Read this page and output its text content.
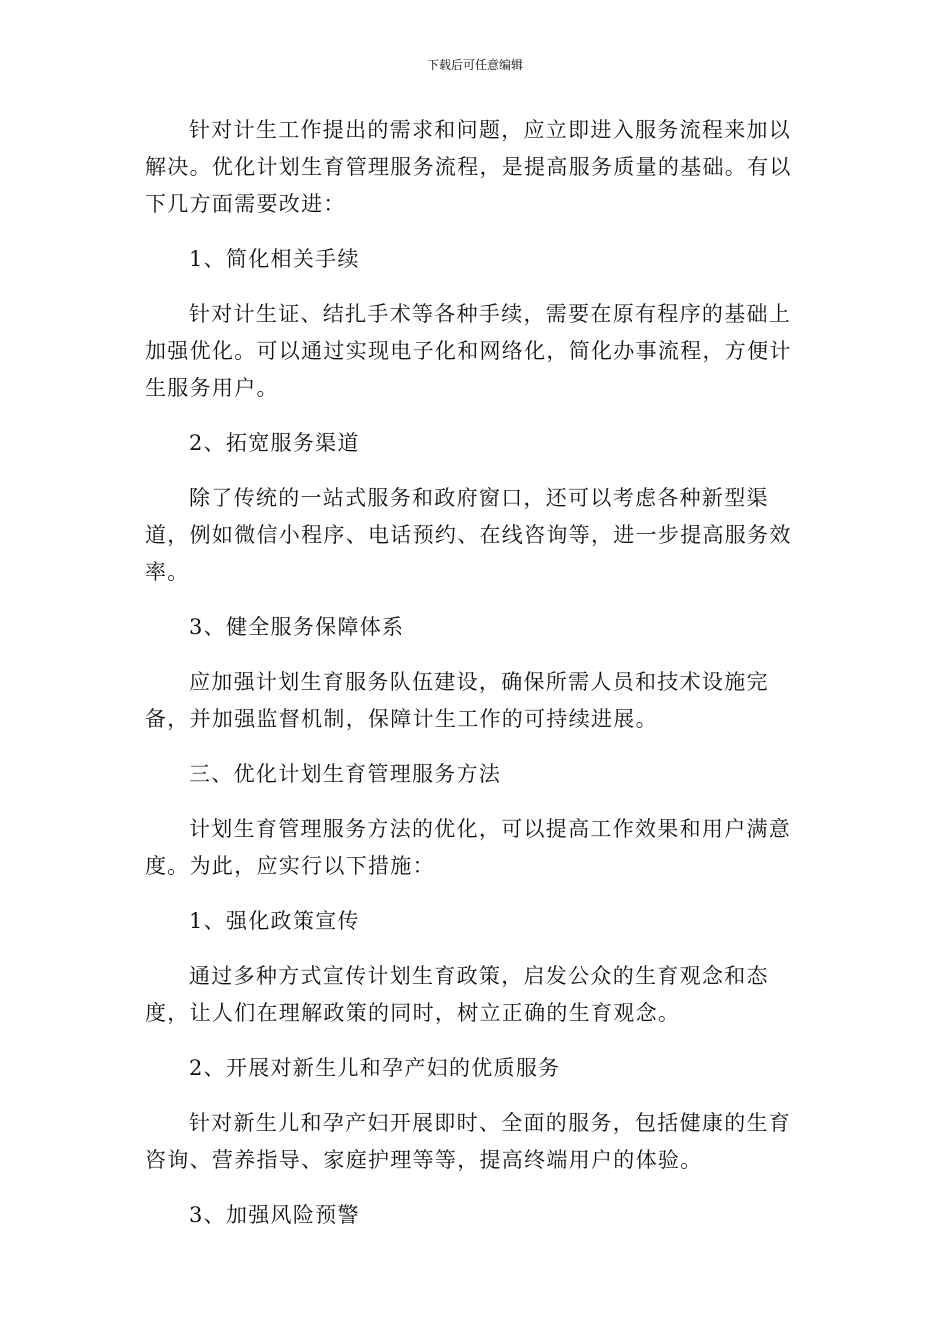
下载后可任意编辑

针对计生工作提出的需求和问题，应立即进入服务流程来加以解决。优化计划生育管理服务流程，是提高服务质量的基础。有以下几方面需要改进：

1、简化相关手续

针对计生证、结扎手术等各种手续，需要在原有程序的基础上加强优化。可以通过实现电子化和网络化，简化办事流程，方便计生服务用户。

2、拓宽服务渠道

除了传统的一站式服务和政府窗口，还可以考虑各种新型渠道，例如微信小程序、电话预约、在线咨询等，进一步提高服务效率。

3、健全服务保障体系

应加强计划生育服务队伍建设，确保所需人员和技术设施完备，并加强监督机制，保障计生工作的可持续进展。

三、优化计划生育管理服务方法

计划生育管理服务方法的优化，可以提高工作效果和用户满意度。为此，应实行以下措施：

1、强化政策宣传

通过多种方式宣传计划生育政策，启发公众的生育观念和态度，让人们在理解政策的同时，树立正确的生育观念。

2、开展对新生儿和孕产妇的优质服务

针对新生儿和孕产妇开展即时、全面的服务，包括健康的生育咨询、营养指导、家庭护理等等，提高终端用户的体验。

3、加强风险预警
